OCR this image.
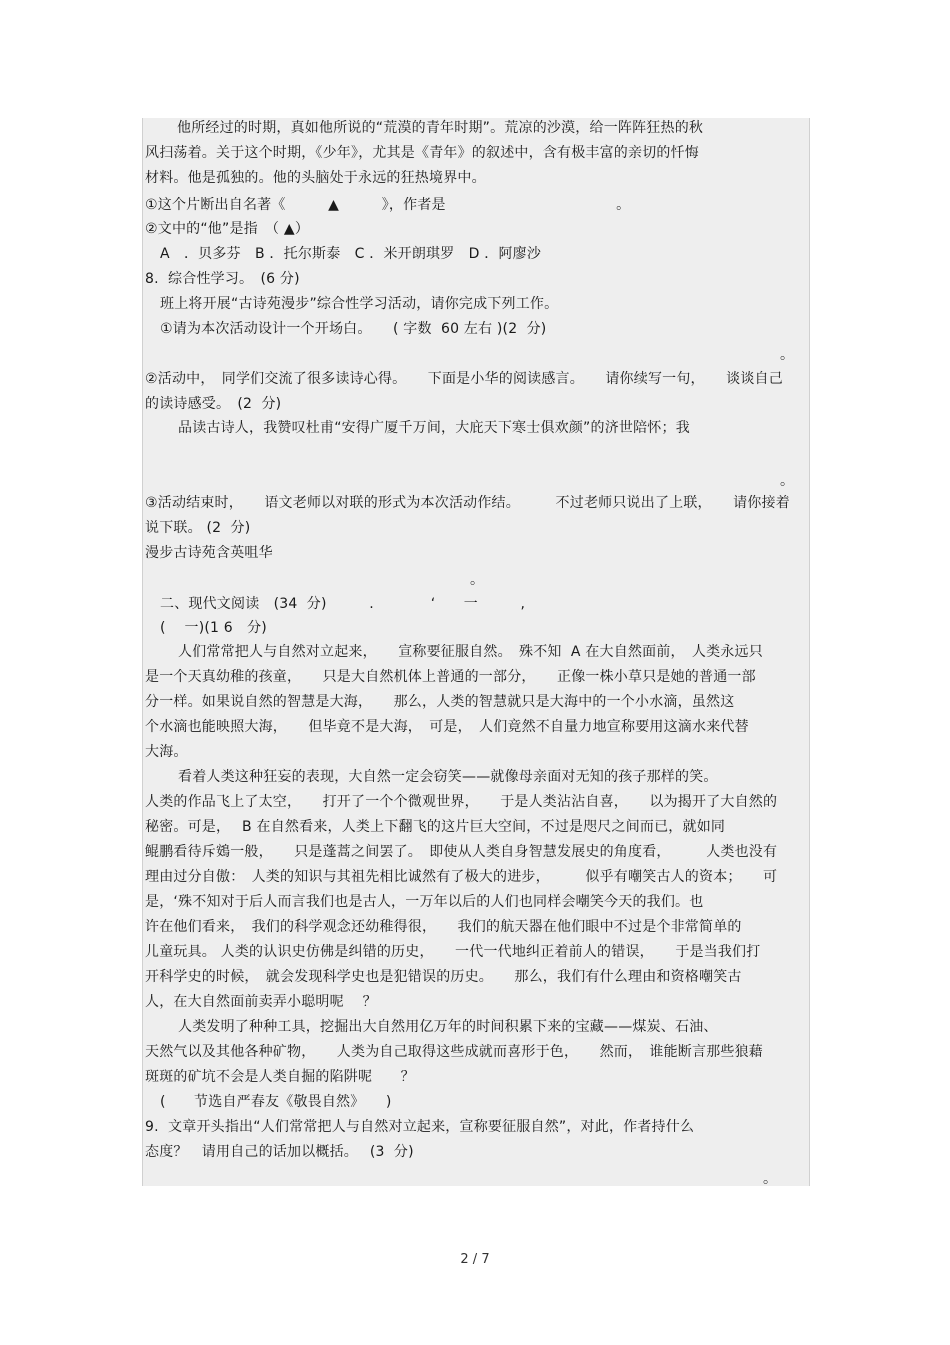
他所经过的时期，真如他所说的“荒漠的青年时期”。荒凉的沙漠，给一阵阵狂热的秋
风扫荡着。关于这个时期，《少年》，尤其是《青年》的叙述中，含有极丰富的亲切的忏悔
材料。他是孤独的。他的头脑处于永远的狂热境界中。
①这个片断出自名著《　　　▲　　　》，作者是　　　　　　　　　　　　。
②文中的“他”是指　（ ▲）
A　．贝多芬　B ．托尔斯泰　C ．米开朗琪罗　D ．阿廖沙
8.  综合性学习。　(6 分)
班上将开展“古诗苑漫步”综合性学习活动，请你完成下列工作。
①请为本次活动设计一个开场白。　　( 字数  60 左右 )(2  分)
。
②活动中，　同学们交流了很多读诗心得。　　下面是小华的阅读感言。　　请你续写一句，　　谈谈自己
的读诗感受。　(2  分)
品读古诗人，我赞叹杜甫“安得广厦千万间，大庇天下寒士俱欢颜”的济世陪怀；我
。
③活动结束时，　　语文老师以对联的形式为本次活动作结。　　　不过老师只说出了上联，　　请你接着
说下联。 (2  分)
漫步古诗苑含英咀华
。
二、现代文阅读　(34  分)　　　.　　　　‘　　一　　　,
(　 一)(1 6　分)
人们常常把人与自然对立起来，　　宣称要征服自然。　殊不知  A 在大自然面前，　人类永远只
是一个天真幼稚的孩童，　　只是大自然机体上普通的一部分，　　正像一株小草只是她的普通一部
分一样。如果说自然的智慧是大海，　　那么，人类的智慧就只是大海中的一个小水滴，虽然这
个水滴也能映照大海，　　但毕竟不是大海，　可是，　人们竟然不自量力地宣称要用这滴水来代替
大海。
看着人类这种狂妄的表现，大自然一定会窃笑——就像母亲面对无知的孩子那样的笑。
人类的作品飞上了太空，　　打开了一个个微观世界，　　于是人类沾沾自喜，　　以为揭开了大自然的
秘密。可是，　 B 在自然看来，人类上下翻飞的这片巨大空间，不过是咫尺之间而已，就如同
鲲鹏看待斥鴳一般，　　只是蓬蒿之间罢了。　即使从人类自身智慧发展史的角度看，　　　人类也没有
理由过分自傲：　人类的知识与其祖先相比诚然有了极大的进步，　　　似乎有嘲笑古人的资本；　　可
是，‘殊不知对于后人而言我们也是古人，一万年以后的人们也同样会嘲笑今天的我们。也
许在他们看来，　我们的科学观念还幼稚得很，　　我们的航天器在他们眼中不过是个非常简单的
儿童玩具。 人类的认识史仿佛是纠错的历史，　　一代一代地纠正着前人的错误，　　于是当我们打
开科学史的时候，　就会发现科学史也是犯错误的历史。　　那么，我们有什么理由和资格嘲笑古
人，在大自然面前卖弄小聪明呢　 ？
人类发明了种种工具，挖掘出大自然用亿万年的时间积累下来的宝藏——煤炭、石油、
天然气以及其他各种矿物，　　人类为自己取得这些成就而喜形于色，　　然而，　谁能断言那些狼藉
斑斑的矿坑不会是人类自掘的陷阱呢　　？
(　　节选自严春友《敬畏自然》　　)
9.  文章开头指出“人们常常把人与自然对立起来，宣称要征服自然”，对此，作者持什么
态度？　请用自己的话加以概括。　 (3  分)
。
2 / 7
